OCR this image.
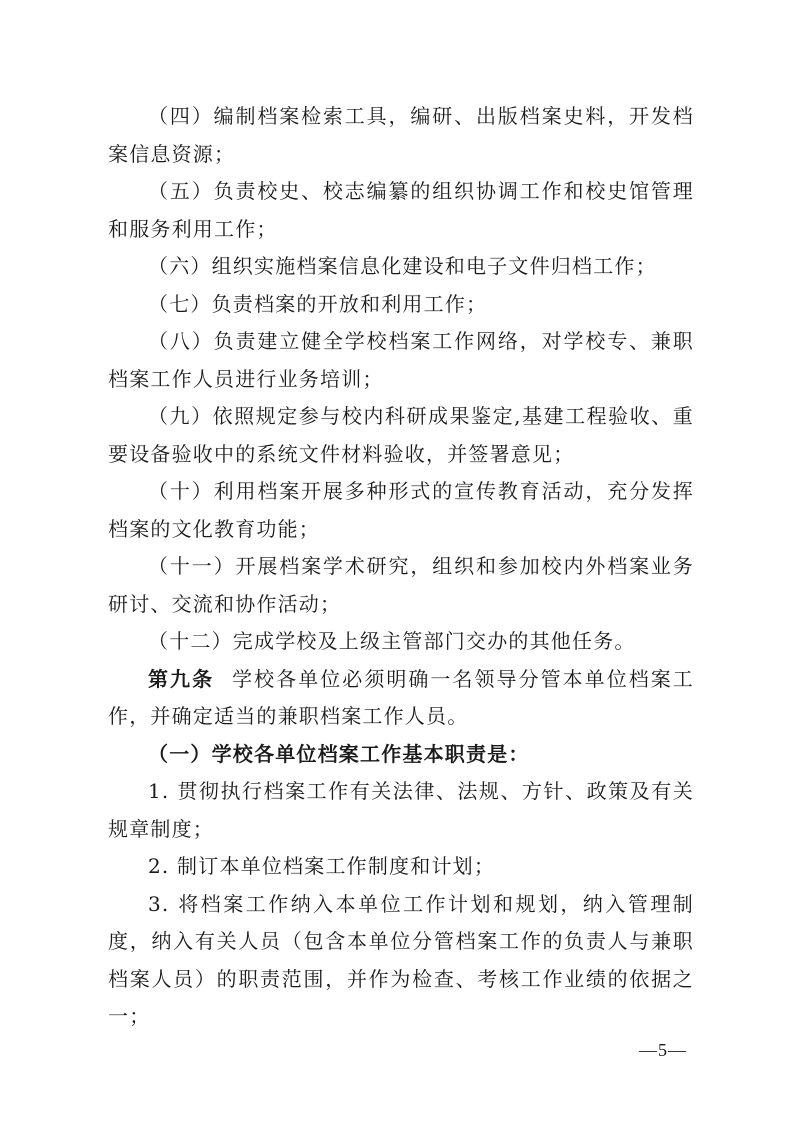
（四）编制档案检索工具，编研、出版档案史料，开发档案信息资源；

（五）负责校史、校志编纂的组织协调工作和校史馆管理和服务利用工作；

（六）组织实施档案信息化建设和电子文件归档工作；

（七）负责档案的开放和利用工作；

（八）负责建立健全学校档案工作网络，对学校专、兼职档案工作人员进行业务培训；

（九）依照规定参与校内科研成果鉴定,基建工程验收、重要设备验收中的系统文件材料验收，并签署意见；

（十）利用档案开展多种形式的宣传教育活动，充分发挥档案的文化教育功能；

（十一）开展档案学术研究，组织和参加校内外档案业务研讨、交流和协作活动；

（十二）完成学校及上级主管部门交办的其他任务。

第九条 学校各单位必须明确一名领导分管本单位档案工作，并确定适当的兼职档案工作人员。

（一）学校各单位档案工作基本职责是：

1. 贯彻执行档案工作有关法律、法规、方针、政策及有关规章制度；

2. 制订本单位档案工作制度和计划；

3. 将档案工作纳入本单位工作计划和规划，纳入管理制度，纳入有关人员（包含本单位分管档案工作的负责人与兼职档案人员）的职责范围，并作为检查、考核工作业绩的依据之一；

—5—
